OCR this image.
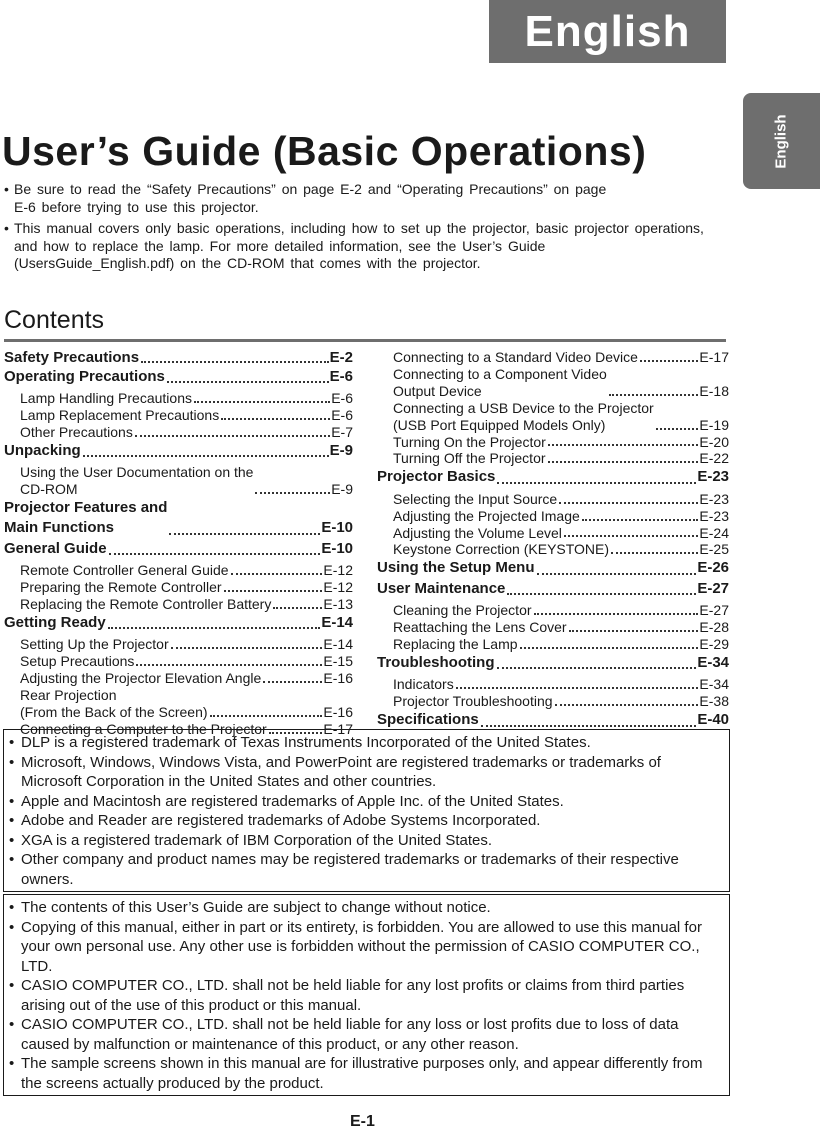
English
English
User’s Guide (Basic Operations)
• Be sure to read the “Safety Precautions” on page E-2 and “Operating Precautions” on page
E-6 before trying to use this projector.
• This manual covers only basic operations, including how to set up the projector, basic projector operations, and how to replace the lamp. For more detailed information, see the User’s Guide (UsersGuide_English.pdf) on the CD-ROM that comes with the projector.
Contents
Safety Precautions	E-2
Operating Precautions	E-6
Lamp Handling Precautions	E-6
Lamp Replacement Precautions	E-6
Other Precautions	E-7
Unpacking	E-9
Using the User Documentation on the
CD-ROM	E-9
Projector Features and
Main Functions	E-10
General Guide	E-10
Remote Controller General Guide	E-12
Preparing the Remote Controller	E-12
Replacing the Remote Controller Battery	E-13
Getting Ready	E-14
Setting Up the Projector	E-14
Setup Precautions	E-15
Adjusting the Projector Elevation Angle	E-16
Rear Projection
(From the Back of the Screen)	E-16
Connecting a Computer to the Projector	E-17
Connecting to a Standard Video Device	E-17
Connecting to a Component Video
Output Device	E-18
Connecting a USB Device to the Projector
(USB Port Equipped Models Only)	E-19
Turning On the Projector	E-20
Turning Off the Projector	E-22
Projector Basics	E-23
Selecting the Input Source	E-23
Adjusting the Projected Image	E-23
Adjusting the Volume Level	E-24
Keystone Correction (KEYSTONE)	E-25
Using the Setup Menu	E-26
User Maintenance	E-27
Cleaning the Projector	E-27
Reattaching the Lens Cover	E-28
Replacing the Lamp	E-29
Troubleshooting	E-34
Indicators	E-34
Projector Troubleshooting	E-38
Specifications	E-40
• DLP is a registered trademark of Texas Instruments Incorporated of the United States.
• Microsoft, Windows, Windows Vista, and PowerPoint are registered trademarks or trademarks of Microsoft Corporation in the United States and other countries.
• Apple and Macintosh are registered trademarks of Apple Inc. of the United States.
• Adobe and Reader are registered trademarks of Adobe Systems Incorporated.
• XGA is a registered trademark of IBM Corporation of the United States.
• Other company and product names may be registered trademarks or trademarks of their respective owners.
• The contents of this User’s Guide are subject to change without notice.
• Copying of this manual, either in part or its entirety, is forbidden. You are allowed to use this manual for your own personal use. Any other use is forbidden without the permission of CASIO COMPUTER CO., LTD.
• CASIO COMPUTER CO., LTD. shall not be held liable for any lost profits or claims from third parties arising out of the use of this product or this manual.
• CASIO COMPUTER CO., LTD. shall not be held liable for any loss or lost profits due to loss of data caused by malfunction or maintenance of this product, or any other reason.
• The sample screens shown in this manual are for illustrative purposes only, and appear differently from the screens actually produced by the product.
E-1
